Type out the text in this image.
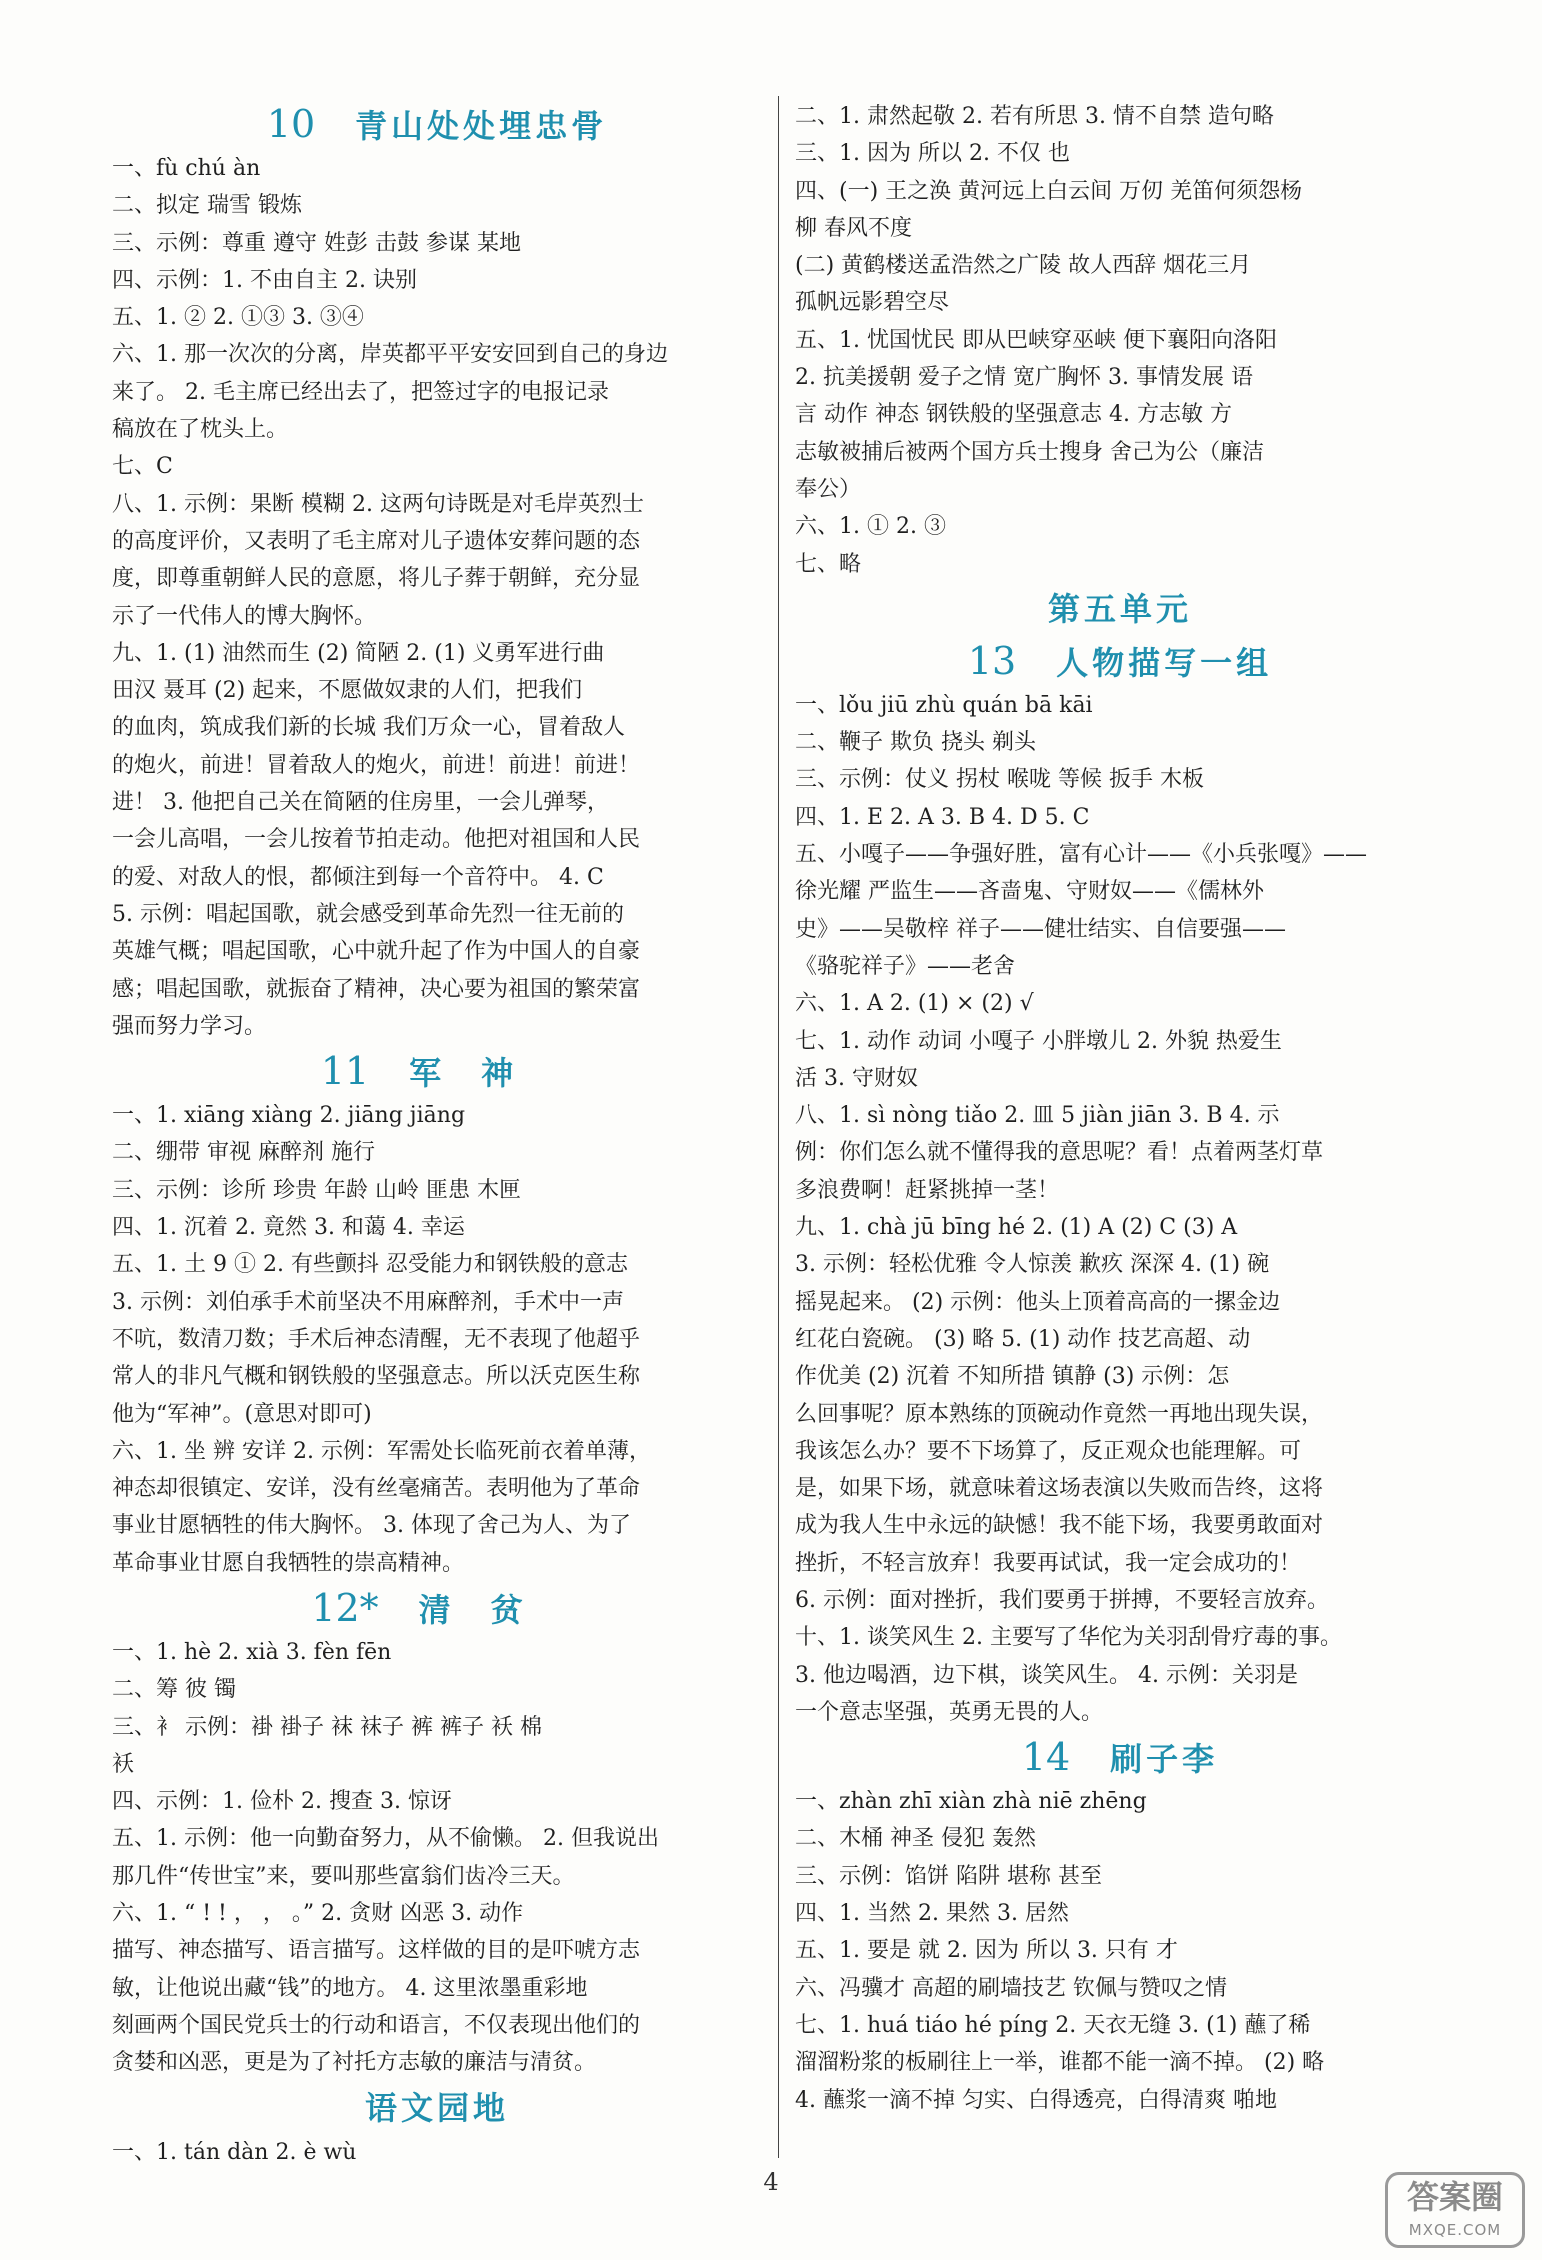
10 青山处处埋忠骨
一、fù chú àn
二、拟定 瑞雪 锻炼
三、示例：尊重 遵守 姓彭 击鼓 参谋 某地
四、示例：1. 不由自主 2. 诀别
五、1. ② 2. ①③ 3. ③④
六、1. 那一次次的分离，岸英都平平安安回到自己的身边
来了。 2. 毛主席已经出去了，把签过字的电报记录
稿放在了枕头上。
七、C
八、1. 示例：果断 模糊 2. 这两句诗既是对毛岸英烈士
的高度评价，又表明了毛主席对儿子遗体安葬问题的态
度，即尊重朝鲜人民的意愿，将儿子葬于朝鲜，充分显
示了一代伟人的博大胸怀。
九、1. (1) 油然而生 (2) 简陋 2. (1) 义勇军进行曲
田汉 聂耳 (2) 起来，不愿做奴隶的人们，把我们
的血肉，筑成我们新的长城 我们万众一心，冒着敌人
的炮火，前进！冒着敌人的炮火，前进！前进！前进！
进！ 3. 他把自己关在简陋的住房里，一会儿弹琴，
一会儿高唱，一会儿按着节拍走动。他把对祖国和人民
的爱、对敌人的恨，都倾注到每一个音符中。 4. C
5. 示例：唱起国歌，就会感受到革命先烈一往无前的
英雄气概；唱起国歌，心中就升起了作为中国人的自豪
感；唱起国歌，就振奋了精神，决心要为祖国的繁荣富
强而努力学习。
11 军神
一、1. xiāng xiàng 2. jiāng jiāng
二、绷带 审视 麻醉剂 施行
三、示例：诊所 珍贵 年龄 山岭 匪患 木匣
四、1. 沉着 2. 竟然 3. 和蔼 4. 幸运
五、1. 土 9 ① 2. 有些颤抖 忍受能力和钢铁般的意志
3. 示例：刘伯承手术前坚决不用麻醉剂，手术中一声
不吭，数清刀数；手术后神态清醒，无不表现了他超乎
常人的非凡气概和钢铁般的坚强意志。所以沃克医生称
他为“军神”。(意思对即可)
六、1. 坐 辨 安详 2. 示例：军需处长临死前衣着单薄，
神态却很镇定、安详，没有丝毫痛苦。表明他为了革命
事业甘愿牺牲的伟大胸怀。 3. 体现了舍己为人、为了
革命事业甘愿自我牺牲的崇高精神。
12* 清贫
一、1. hè 2. xià 3. fèn fēn
二、筹 彼 镯
三、衤 示例：褂 褂子 袜 袜子 裤 裤子 袄 棉
袄
四、示例：1. 俭朴 2. 搜查 3. 惊讶
五、1. 示例：他一向勤奋努力，从不偷懒。 2. 但我说出
那几件“传世宝”来，要叫那些富翁们齿冷三天。
六、1. “ ! ! ， ， 。” 2. 贪财 凶恶 3. 动作
描写、神态描写、语言描写。这样做的目的是吓唬方志
敏，让他说出藏“钱”的地方。 4. 这里浓墨重彩地
刻画两个国民党兵士的行动和语言，不仅表现出他们的
贪婪和凶恶，更是为了衬托方志敏的廉洁与清贫。
语文园地
一、1. tán dàn 2. è wù
二、1. 肃然起敬 2. 若有所思 3. 情不自禁 造句略
三、1. 因为 所以 2. 不仅 也
四、(一) 王之涣 黄河远上白云间 万仞 羌笛何须怨杨
柳 春风不度
(二) 黄鹤楼送孟浩然之广陵 故人西辞 烟花三月
孤帆远影碧空尽
五、1. 忧国忧民 即从巴峡穿巫峡 便下襄阳向洛阳
2. 抗美援朝 爱子之情 宽广胸怀 3. 事情发展 语
言 动作 神态 钢铁般的坚强意志 4. 方志敏 方
志敏被捕后被两个国方兵士搜身 舍己为公（廉洁
奉公）
六、1. ① 2. ③
七、略
第五单元
13 人物描写一组
一、lǒu jiū zhù quán bā kāi
二、鞭子 欺负 挠头 剃头
三、示例：仗义 拐杖 喉咙 等候 扳手 木板
四、1. E 2. A 3. B 4. D 5. C
五、小嘎子——争强好胜，富有心计——《小兵张嘎》——
徐光耀 严监生——吝啬鬼、守财奴——《儒林外
史》——吴敬梓 祥子——健壮结实、自信要强——
《骆驼祥子》——老舍
六、1. A 2. (1) × (2) √
七、1. 动作 动词 小嘎子 小胖墩儿 2. 外貌 热爱生
活 3. 守财奴
八、1. sì nòng tiǎo 2. 皿 5 jiàn jiān 3. B 4. 示
例：你们怎么就不懂得我的意思呢？看！点着两茎灯草
多浪费啊！赶紧挑掉一茎！
九、1. chà jū bīng hé 2. (1) A (2) C (3) A
3. 示例：轻松优雅 令人惊羡 歉疚 深深 4. (1) 碗
摇晃起来。 (2) 示例：他头上顶着高高的一摞金边
红花白瓷碗。 (3) 略 5. (1) 动作 技艺高超、动
作优美 (2) 沉着 不知所措 镇静 (3) 示例：怎
么回事呢？原本熟练的顶碗动作竟然一再地出现失误，
我该怎么办？要不下场算了，反正观众也能理解。可
是，如果下场，就意味着这场表演以失败而告终，这将
成为我人生中永远的缺憾！我不能下场，我要勇敢面对
挫折，不轻言放弃！我要再试试，我一定会成功的！
6. 示例：面对挫折，我们要勇于拼搏，不要轻言放弃。
十、1. 谈笑风生 2. 主要写了华佗为关羽刮骨疗毒的事。
3. 他边喝酒，边下棋，谈笑风生。 4. 示例：关羽是
一个意志坚强，英勇无畏的人。
14 刷子李
一、zhàn zhī xiàn zhà niē zhēng
二、木桶 神圣 侵犯 轰然
三、示例：馅饼 陷阱 堪称 甚至
四、1. 当然 2. 果然 3. 居然
五、1. 要是 就 2. 因为 所以 3. 只有 才
六、冯骥才 高超的刷墙技艺 钦佩与赞叹之情
七、1. huá tiáo hé píng 2. 天衣无缝 3. (1) 蘸了稀
溜溜粉浆的板刷往上一举，谁都不能一滴不掉。 (2) 略
4. 蘸浆一滴不掉 匀实、白得透亮，白得清爽 啪地
4	答案圈
MXQE.COM
